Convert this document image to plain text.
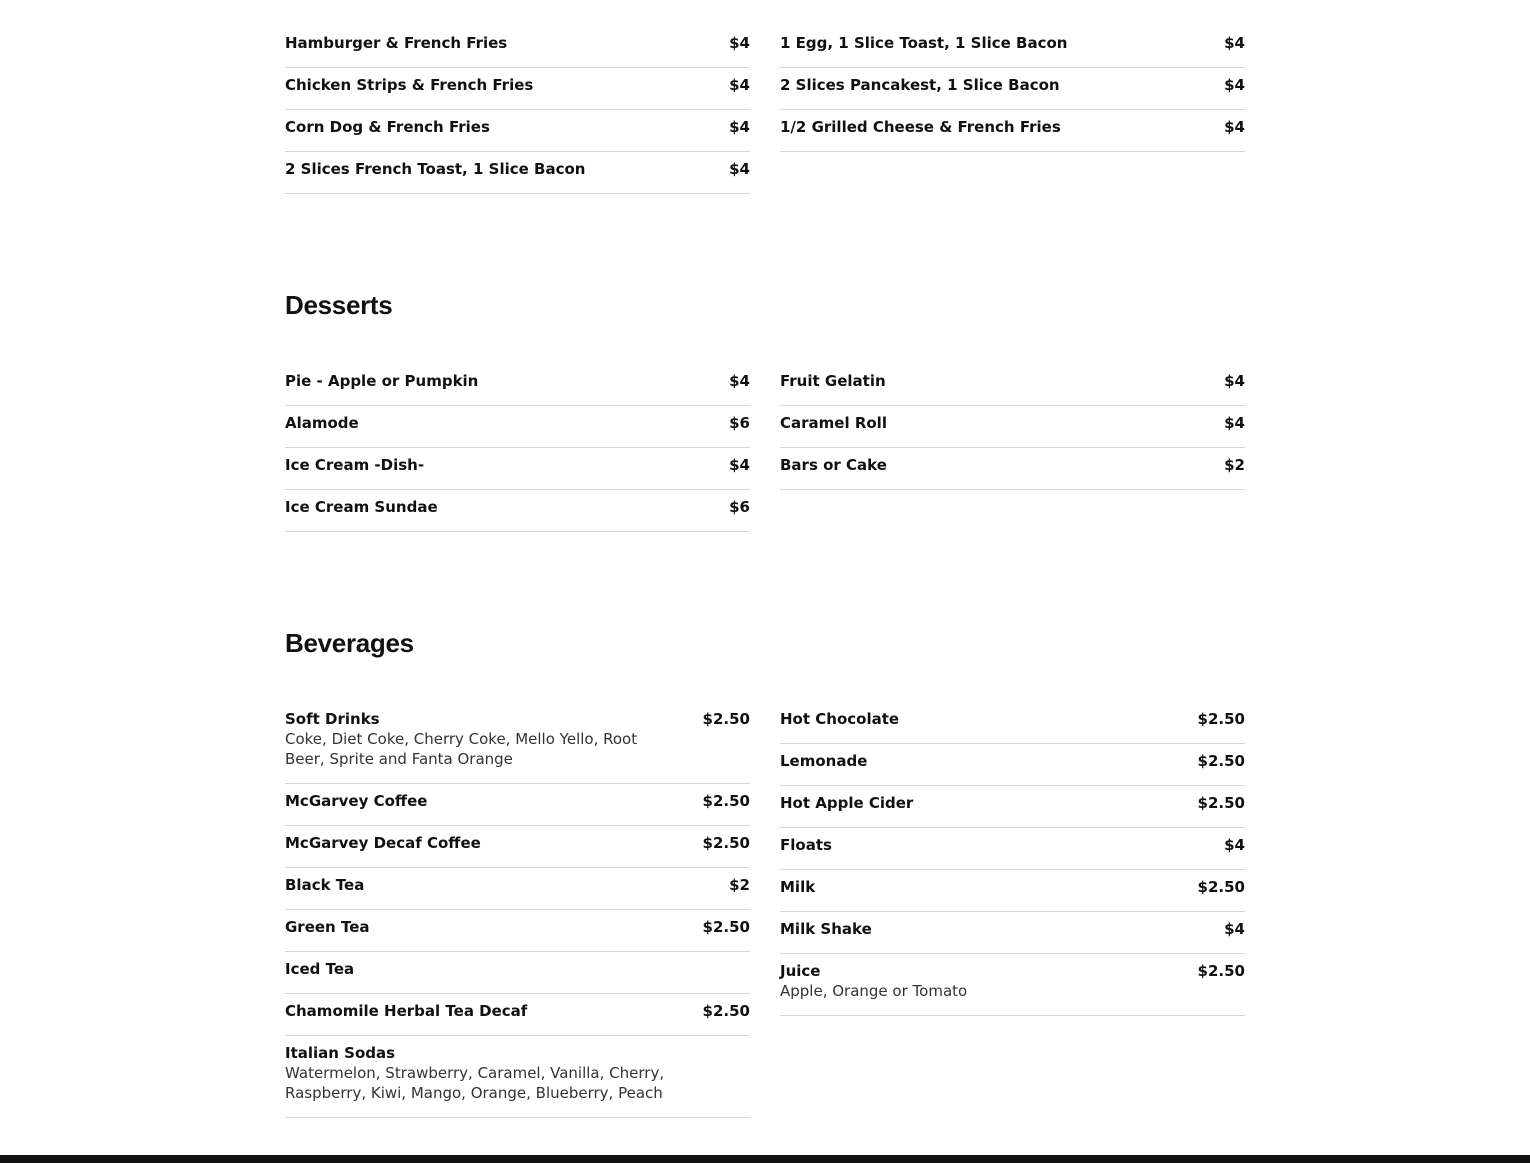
Hamburger & French Fries	$4
Chicken Strips & French Fries	$4
Corn Dog & French Fries	$4
2 Slices French Toast, 1 Slice Bacon	$4
1 Egg, 1 Slice Toast, 1 Slice Bacon	$4
2 Slices Pancakest, 1 Slice Bacon	$4
1/2 Grilled Cheese & French Fries	$4
Desserts
Pie - Apple or Pumpkin	$4
Alamode	$6
Ice Cream -Dish-	$4
Ice Cream Sundae	$6
Fruit Gelatin	$4
Caramel Roll	$4
Bars or Cake	$2
Beverages
Soft Drinks	$2.50
Coke, Diet Coke, Cherry Coke, Mello Yello, Root Beer, Sprite and Fanta Orange
McGarvey Coffee	$2.50
McGarvey Decaf Coffee	$2.50
Black Tea	$2
Green Tea	$2.50
Iced Tea
Chamomile Herbal Tea Decaf	$2.50
Italian Sodas
Watermelon, Strawberry, Caramel, Vanilla, Cherry, Raspberry, Kiwi, Mango, Orange, Blueberry, Peach
Hot Chocolate	$2.50
Lemonade	$2.50
Hot Apple Cider	$2.50
Floats	$4
Milk	$2.50
Milk Shake	$4
Juice	$2.50
Apple, Orange or Tomato
